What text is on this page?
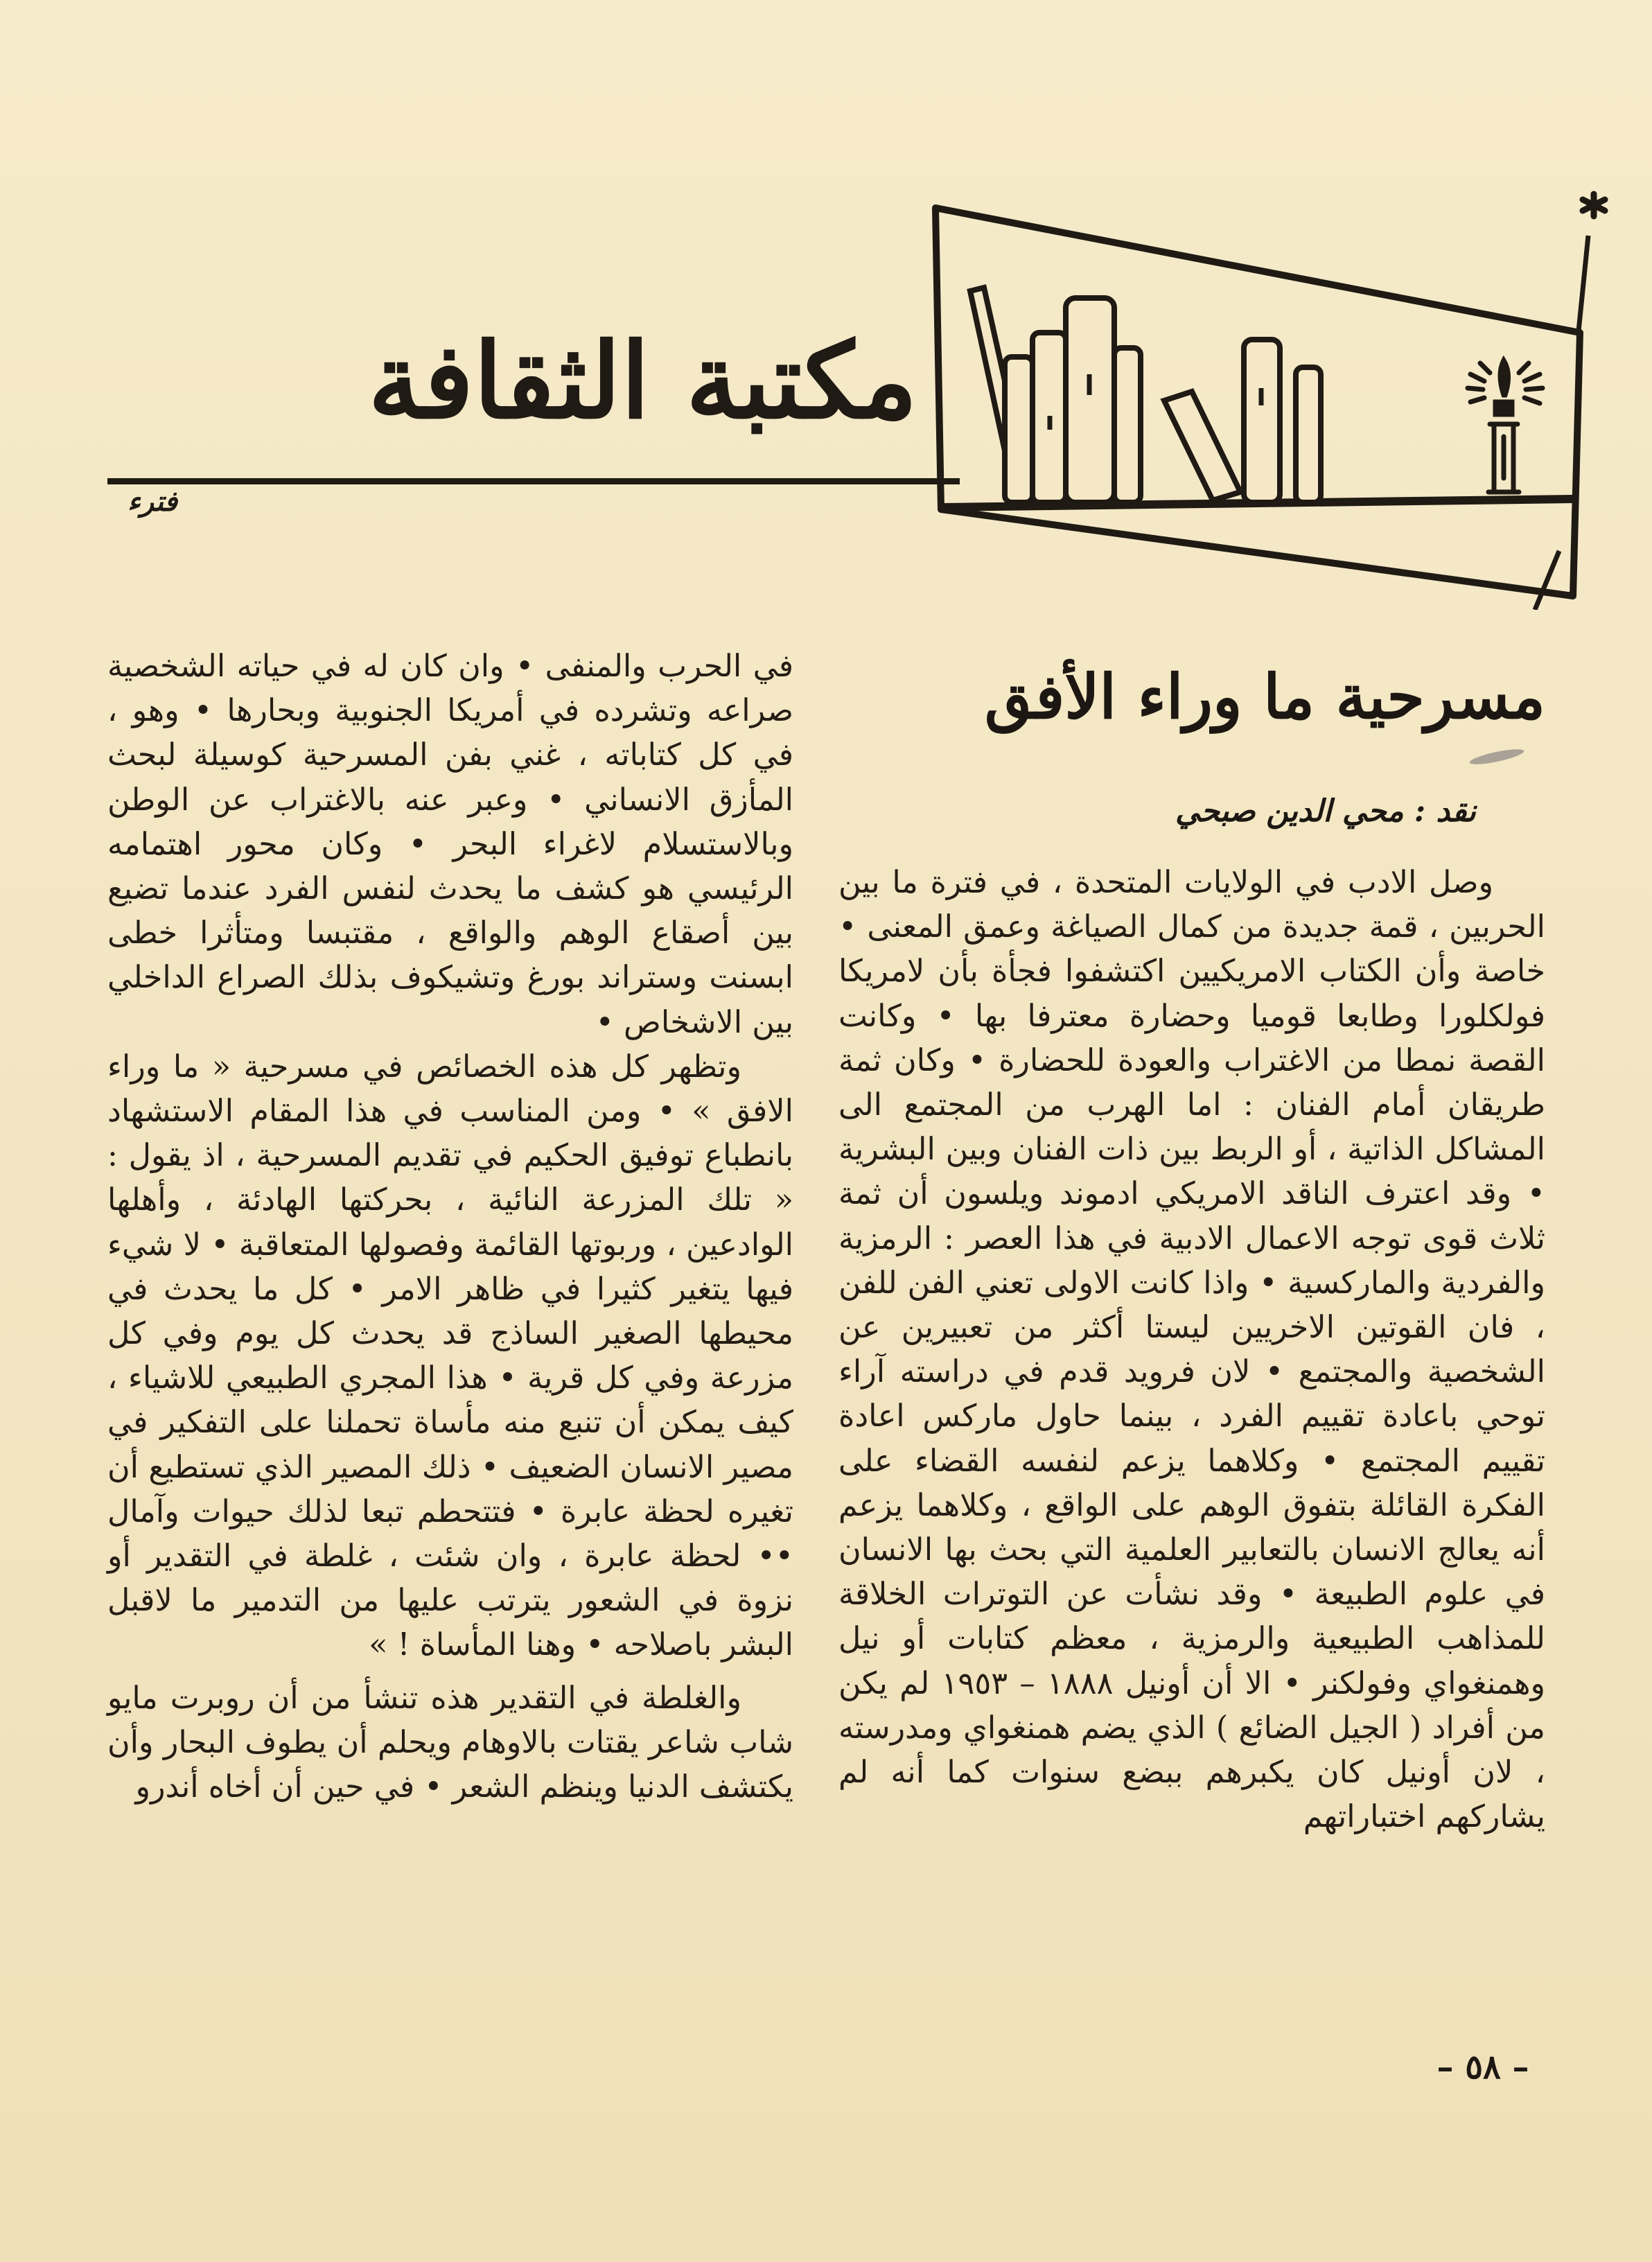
مكتبة الثقافة
فترء
مسرحية ما وراء الأفق
نقد : محي الدين صبحي

وصل الادب في الولايات المتحدة ، في فترة ما بين الحربين ، قمة جديدة من كمال الصياغة وعمق المعنى • خاصة وأن الكتاب الامريكيين اكتشفوا فجأة بأن لامريكا فولكلورا وطابعا قوميا وحضارة معترفا بها • وكانت القصة نمطا من الاغتراب والعودة للحضارة • وكان ثمة طريقان أمام الفنان : اما الهرب من المجتمع الى المشاكل الذاتية ، أو الربط بين ذات الفنان وبين البشرية • وقد اعترف الناقد الامريكي ادموند ويلسون أن ثمة ثلاث قوى توجه الاعمال الادبية في هذا العصر : الرمزية والفردية والماركسية • واذا كانت الاولى تعني الفن للفن ، فان القوتين الاخريين ليستا أكثر من تعبيرين عن الشخصية والمجتمع • لان فرويد قدم في دراسته آراء توحي باعادة تقييم الفرد ، بينما حاول ماركس اعادة تقييم المجتمع • وكلاهما يزعم لنفسه القضاء على الفكرة القائلة بتفوق الوهم على الواقع ، وكلاهما يزعم أنه يعالج الانسان بالتعابير العلمية التي بحث بها الانسان في علوم الطبيعة • وقد نشأت عن التوترات الخلاقة للمذاهب الطبيعية والرمزية ، معظم كتابات أو نيل وهمنغواي وفولكنر • الا أن أونيل ١٨٨٨ – ١٩٥٣ لم يكن من أفراد ( الجيل الضائع ) الذي يضم همنغواي ومدرسته ، لان أونيل كان يكبرهم ببضع سنوات كما أنه لم يشاركهم اختباراتهم

في الحرب والمنفى • وان كان له في حياته الشخصية صراعه وتشرده في أمريكا الجنوبية وبحارها • وهو ، في كل كتاباته ، غني بفن المسرحية كوسيلة لبحث المأزق الانساني • وعبر عنه بالاغتراب عن الوطن وبالاستسلام لاغراء البحر • وكان محور اهتمامه الرئيسي هو كشف ما يحدث لنفس الفرد عندما تضيع بين أصقاع الوهم والواقع ، مقتبسا ومتأثرا خطى ابسنت وستراند بورغ وتشيكوف بذلك الصراع الداخلي بين الاشخاص •

وتظهر كل هذه الخصائص في مسرحية « ما وراء الافق » • ومن المناسب في هذا المقام الاستشهاد بانطباع توفيق الحكيم في تقديم المسرحية ، اذ يقول : « تلك المزرعة النائية ، بحركتها الهادئة ، وأهلها الوادعين ، وربوتها القائمة وفصولها المتعاقبة • لا شيء فيها يتغير كثيرا في ظاهر الامر • كل ما يحدث في محيطها الصغير الساذج قد يحدث كل يوم وفي كل مزرعة وفي كل قرية • هذا المجري الطبيعي للاشياء ، كيف يمكن أن تنبع منه مأساة تحملنا على التفكير في مصير الانسان الضعيف • ذلك المصير الذي تستطيع أن تغيره لحظة عابرة • فتتحطم تبعا لذلك حيوات وآمال •• لحظة عابرة ، وان شئت ، غلطة في التقدير أو نزوة في الشعور يترتب عليها من التدمير ما لاقبل البشر باصلاحه • وهنا المأساة ! »

والغلطة في التقدير هذه تنشأ من أن روبرت مايو شاب شاعر يقتات بالاوهام ويحلم أن يطوف البحار وأن يكتشف الدنيا وينظم الشعر • في حين أن أخاه أندرو

– ٥٨ –
